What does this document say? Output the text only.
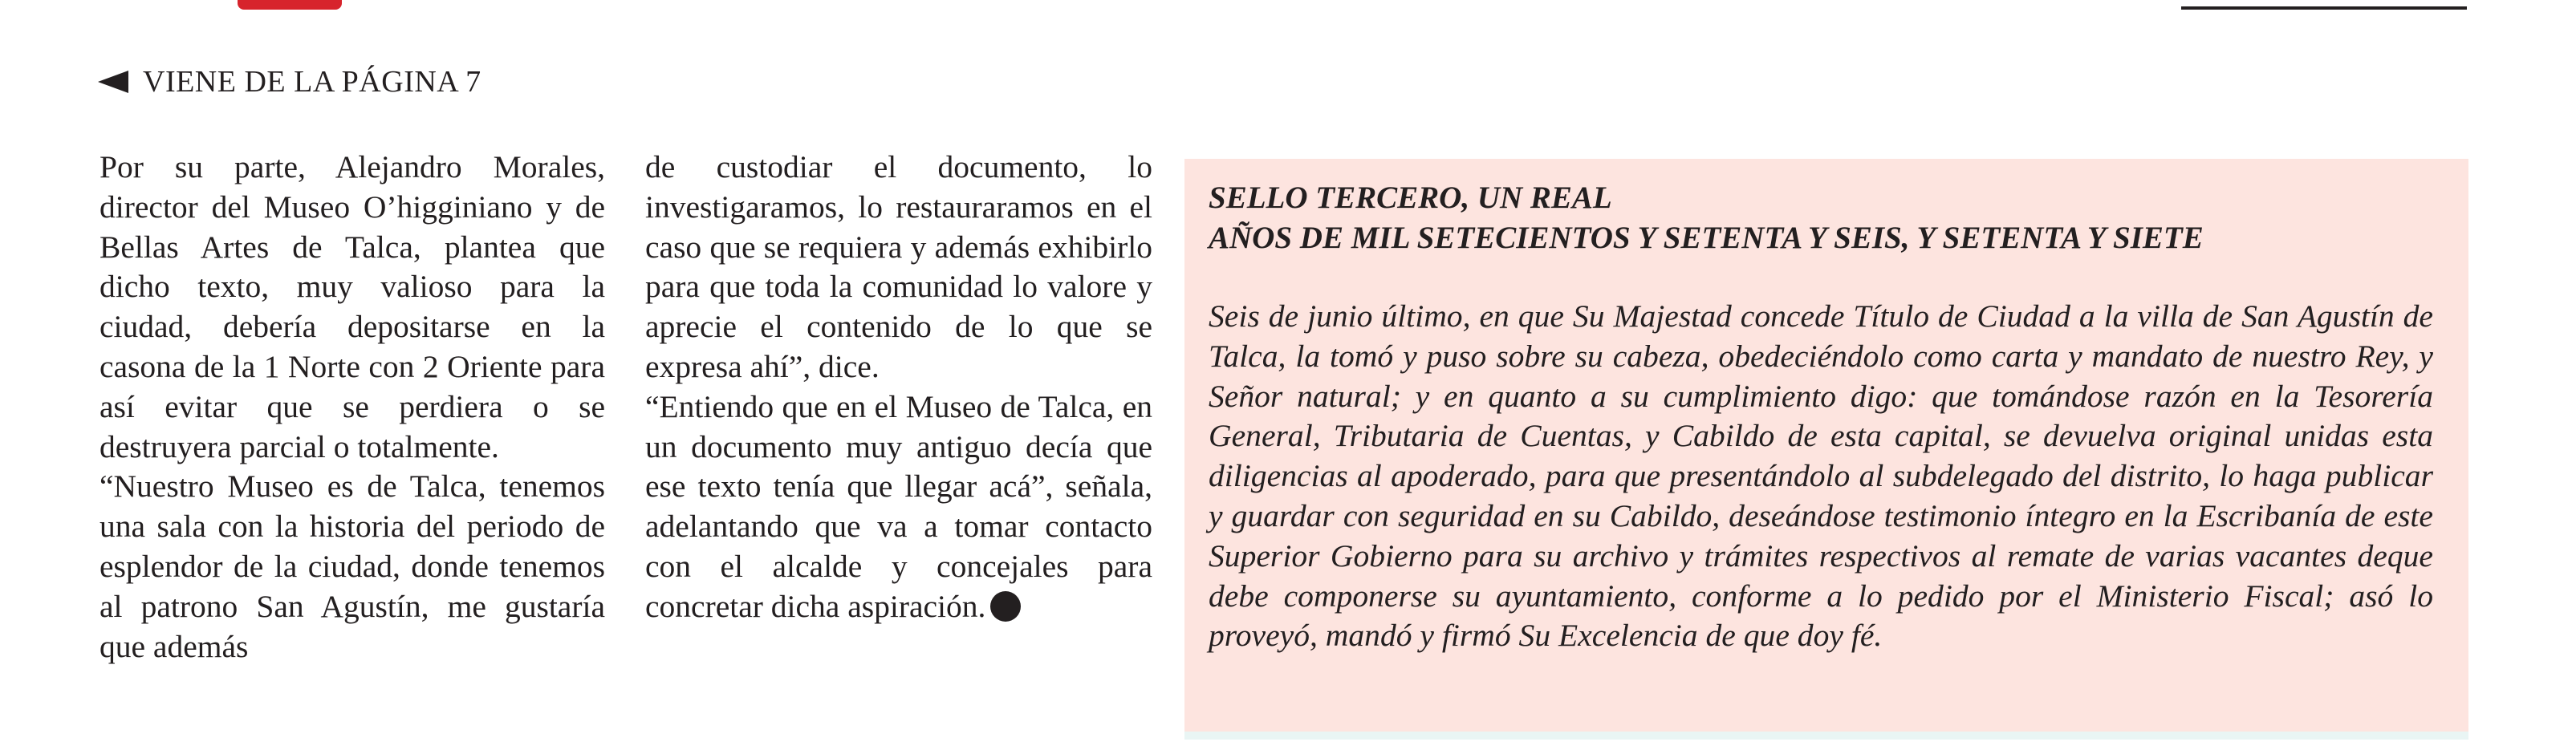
VIENE DE LA PÁGINA 7

Por su parte, Alejandro Morales, director del Museo O’higginiano y de Bellas Artes de Talca, plantea que dicho texto, muy valioso para la ciudad, debería depositarse en la casona de la 1 Norte con 2 Oriente para así evitar que se perdiera o se destruyera parcial o totalmente.

“Nuestro Museo es de Talca, tenemos una sala con la historia del periodo de esplendor de la ciudad, donde tenemos al patrono San Agustín, me gustaría que además

de custodiar el documento, lo investigaramos, lo restauraramos en el caso que se requiera y además exhibirlo para que toda la comunidad lo valore y aprecie el contenido de lo que se expresa ahí”, dice.

“Entiendo que en el Museo de Talca, en un documento muy antiguo decía que ese texto tenía que llegar acá”, señala, adelantando que va a tomar contacto con el alcalde y concejales para concretar dicha aspiración.

SELLO TERCERO, UN REAL

AÑOS DE MIL SETECIENTOS Y SETENTA Y SEIS, Y SETENTA Y SIETE

Seis de junio último, en que Su Majestad concede Título de Ciudad a la villa de San Agustín de Talca, la tomó y puso sobre su cabeza, obedeciéndolo como carta y mandato de nuestro Rey, y Señor natural; y en quanto a su cumplimiento digo: que tomándose razón en la Tesorería General, Tributaria de Cuentas, y Cabildo de esta capital, se devuelva original unidas esta diligencias al apoderado, para que presentándolo al subdelegado del distrito, lo haga publicar y guardar con seguridad en su Cabildo, deseándose testimonio íntegro en la Escribanía de este Superior Gobierno para su archivo y trámites respectivos al remate de varias vacantes deque debe componerse su ayuntamiento, conforme a lo pedido por el Ministerio Fiscal; asó lo proveyó, mandó y firmó Su Excelencia de que doy fé.
